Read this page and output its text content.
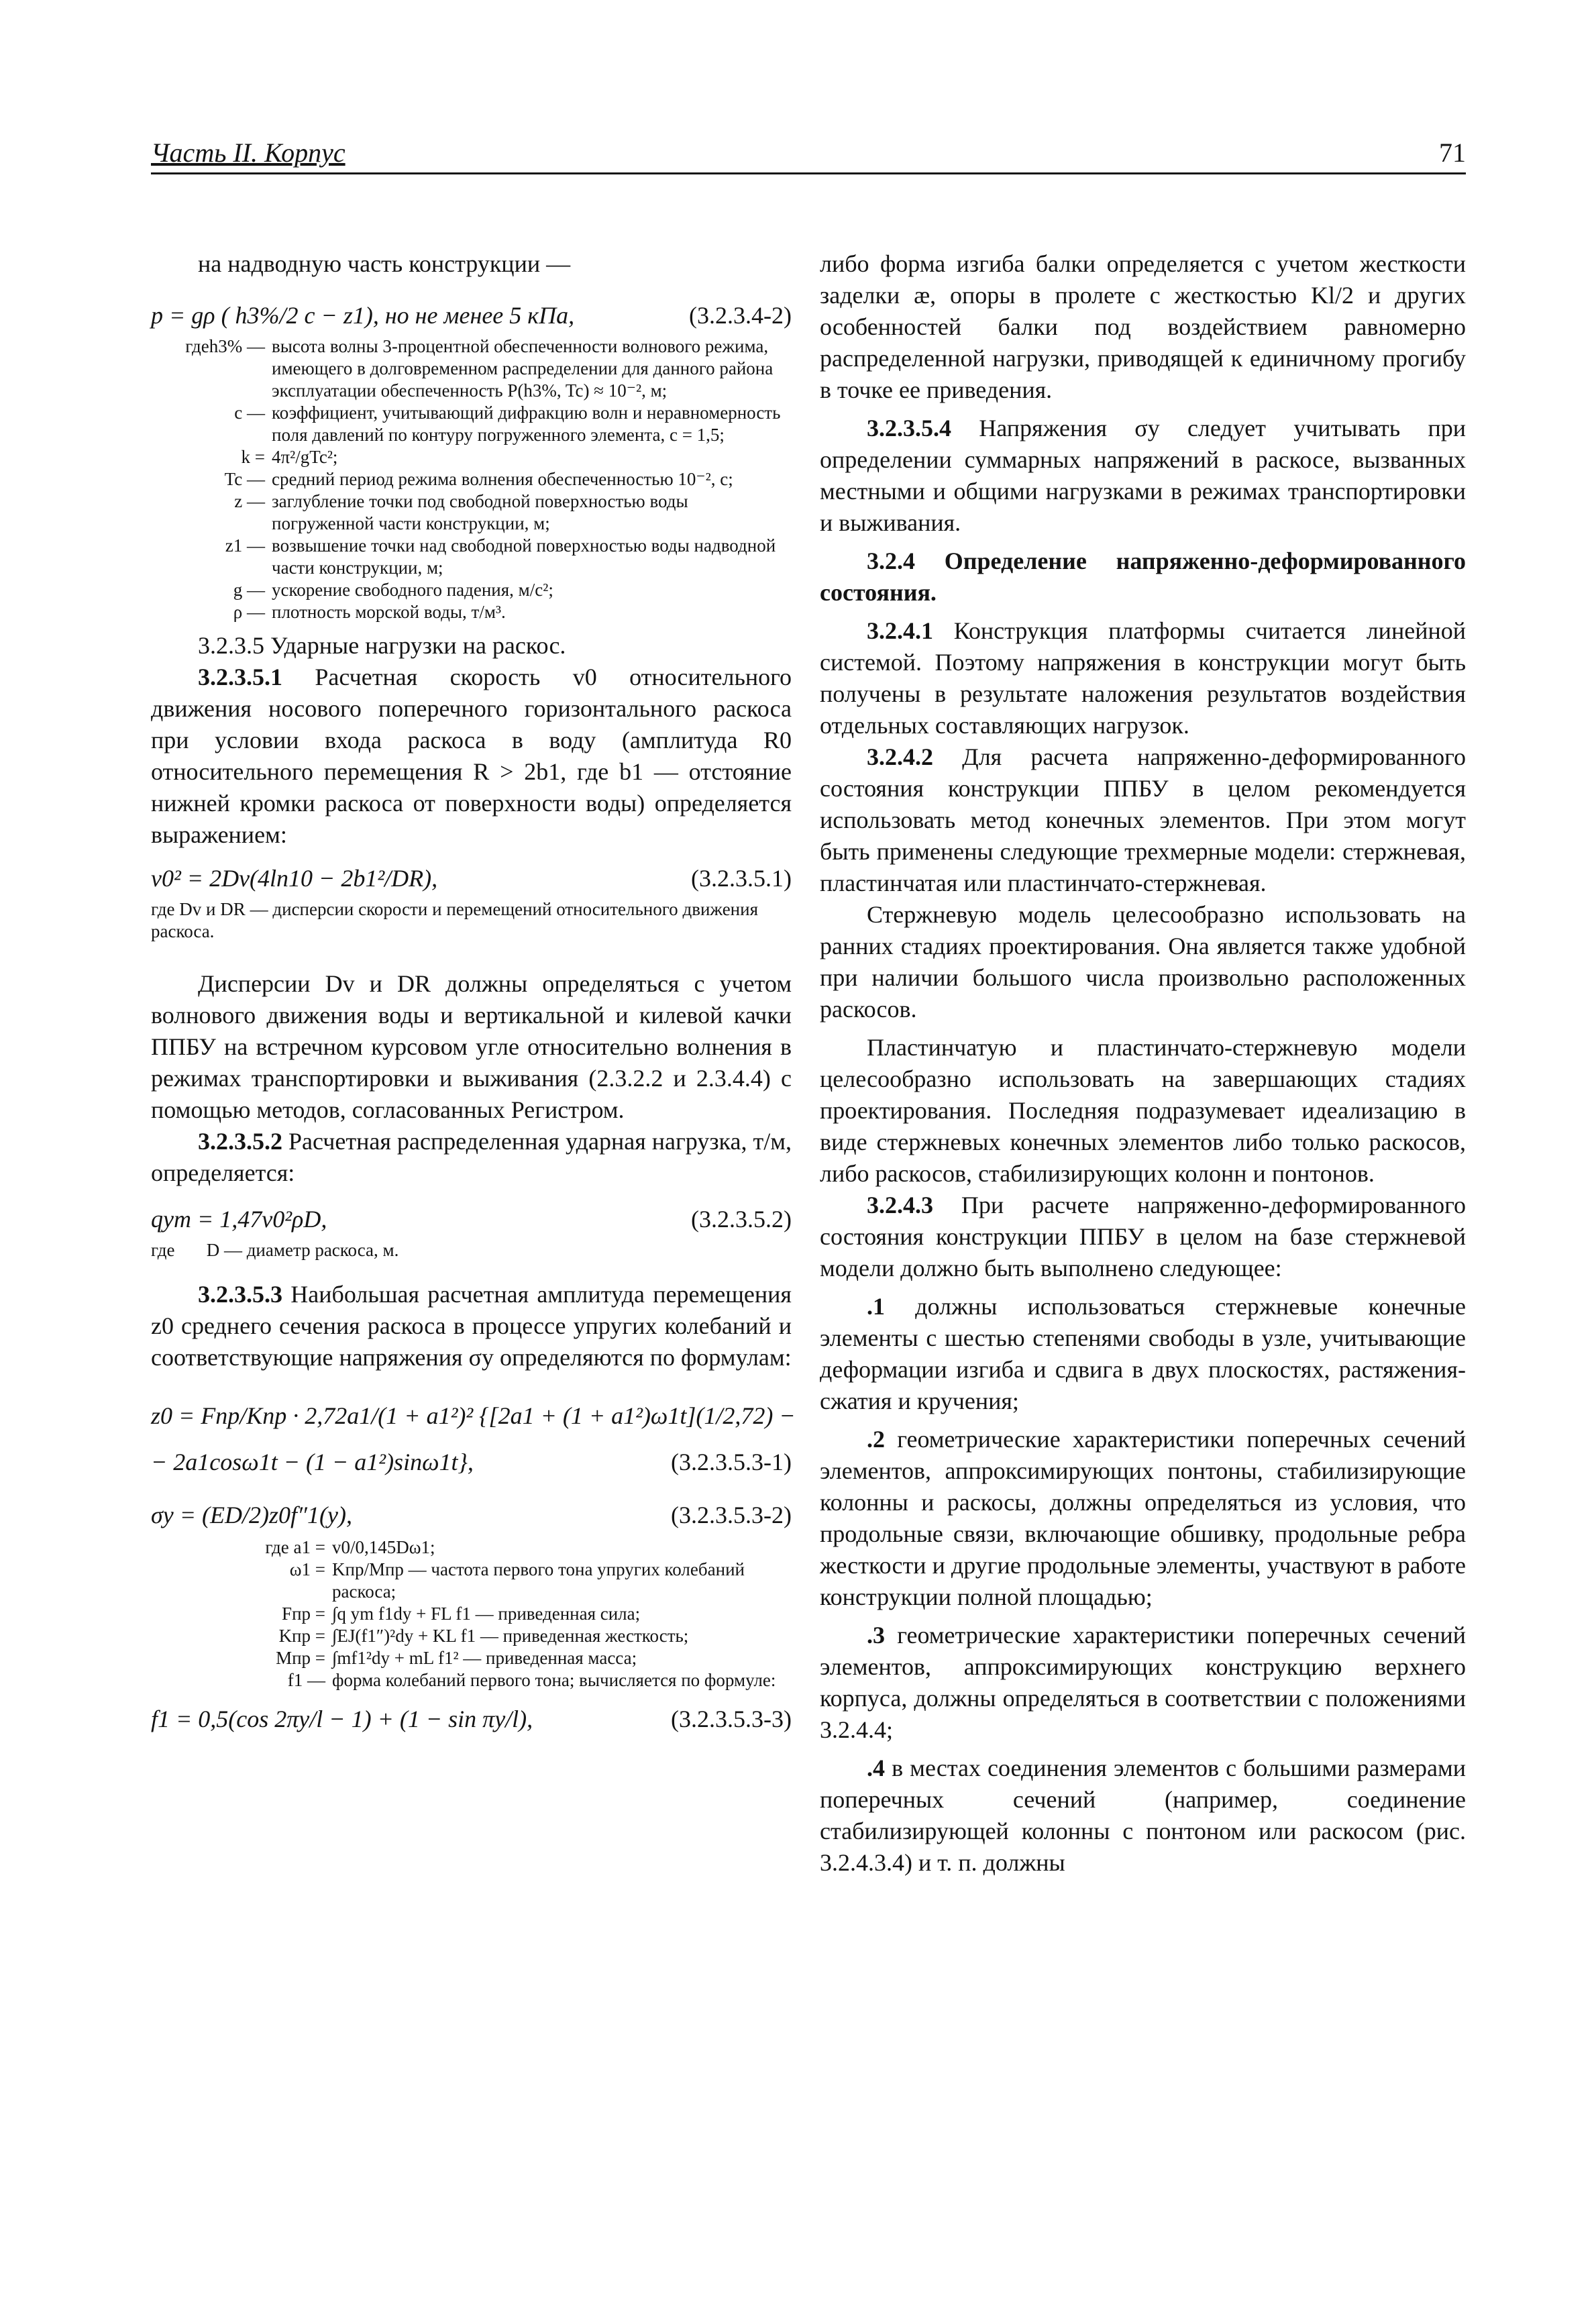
Часть II. Корпус	71

на надводную часть конструкции —

p = gρ ( h3%/2 c − z1), но не менее 5 кПа,	(3.2.3.4-2)
гдеh3% — высота волны 3-процентной обеспеченности волнового режима, имеющего в долговременном распределении для данного района эксплуатации обеспеченность P(h3%, Tc) ≈ 10⁻², м;
c — коэффициент, учитывающий дифракцию волн и неравномерность поля давлений по контуру погруженного элемента, c = 1,5;
k = 4π²/gTc²;
Tc — средний период режима волнения обеспеченностью 10⁻², с;
z — заглубление точки под свободной поверхностью воды погруженной части конструкции, м;
z1 — возвышение точки над свободной поверхностью воды надводной части конструкции, м;
g — ускорение свободного падения, м/с²;
ρ — плотность морской воды, т/м³.

3.2.3.5 Ударные нагрузки на раскос.

3.2.3.5.1 Расчетная скорость v0 относительного движения носового поперечного горизонтального раскоса при условии входа раскоса в воду (амплитуда R0 относительного перемещения R > 2b1, где b1 — отстояние нижней кромки раскоса от поверхности воды) определяется выражением:

v0² = 2Dv(4ln10 − 2b1²/DR),	(3.2.3.5.1)

где Dv и DR — дисперсии скорости и перемещений относительного движения раскоса.

Дисперсии Dv и DR должны определяться с учетом волнового движения воды и вертикальной и килевой качки ППБУ на встречном курсовом угле относительно волнения в режимах транспортировки и выживания (2.3.2.2 и 2.3.4.4) с помощью методов, согласованных Регистром.

3.2.3.5.2 Расчетная распределенная ударная нагрузка, т/м, определяется:

qym = 1,47v0²ρD,	(3.2.3.5.2)

где       D — диаметр раскоса, м.

3.2.3.5.3 Наибольшая расчетная амплитуда перемещения z0 среднего сечения раскоса в процессе упругих колебаний и соответствующие напряжения σy определяются по формулам:

z0 = Fпр/Kпр · 2,72a1/(1 + a1²)² {[2a1 + (1 + a1²)ω1t](1/2,72) −
− 2a1cosω1t − (1 − a1²)sinω1t},	(3.2.3.5.3-1)
σy = (ED/2)z0f″1(y),	(3.2.3.5.3-2)
где a1 = v0/0,145Dω1;
ω1 = Kпр/Mпр — частота первого тона упругих колебаний раскоса;
Fпр = ∫q ym f1dy + FL f1 — приведенная сила;
Kпр = ∫EJ(f1″)²dy + KL f1 — приведенная жесткость;
Mпр = ∫mf1²dy + mL f1² — приведенная масса;
f1 — форма колебаний первого тона; вычисляется по формуле:
f1 = 0,5(cos 2πy/l − 1) + (1 − sin πy/l),	(3.2.3.5.3-3)

либо форма изгиба балки определяется с учетом жесткости заделки æ, опоры в пролете с жесткостью Kl/2 и других особенностей балки под воздействием равномерно распределенной нагрузки, приводящей к единичному прогибу в точке ее приведения.

3.2.3.5.4 Напряжения σy следует учитывать при определении суммарных напряжений в раскосе, вызванных местными и общими нагрузками в режимах транспортировки и выживания.

3.2.4 Определение напряженно-деформированного состояния.

3.2.4.1 Конструкция платформы считается линейной системой. Поэтому напряжения в конструкции могут быть получены в результате наложения результатов воздействия отдельных составляющих нагрузок.

3.2.4.2 Для расчета напряженно-деформированного состояния конструкции ППБУ в целом рекомендуется использовать метод конечных элементов. При этом могут быть применены следующие трехмерные модели: стержневая, пластинчатая или пластинчато-стержневая.

Стержневую модель целесообразно использовать на ранних стадиях проектирования. Она является также удобной при наличии большого числа произвольно расположенных раскосов.

Пластинчатую и пластинчато-стержневую модели целесообразно использовать на завершающих стадиях проектирования. Последняя подразумевает идеализацию в виде стержневых конечных элементов либо только раскосов, либо раскосов, стабилизирующих колонн и понтонов.

3.2.4.3 При расчете напряженно-деформированного состояния конструкции ППБУ в целом на базе стержневой модели должно быть выполнено следующее:

.1 должны использоваться стержневые конечные элементы с шестью степенями свободы в узле, учитывающие деформации изгиба и сдвига в двух плоскостях, растяжения-сжатия и кручения;

.2 геометрические характеристики поперечных сечений элементов, аппроксимирующих понтоны, стабилизирующие колонны и раскосы, должны определяться из условия, что продольные связи, включающие обшивку, продольные ребра жесткости и другие продольные элементы, участвуют в работе конструкции полной площадью;

.3 геометрические характеристики поперечных сечений элементов, аппроксимирующих конструкцию верхнего корпуса, должны определяться в соответствии с положениями 3.2.4.4;

.4 в местах соединения элементов с большими размерами поперечных сечений (например, соединение стабилизирующей колонны с понтоном или раскосом (рис. 3.2.4.3.4) и т. п. должны
